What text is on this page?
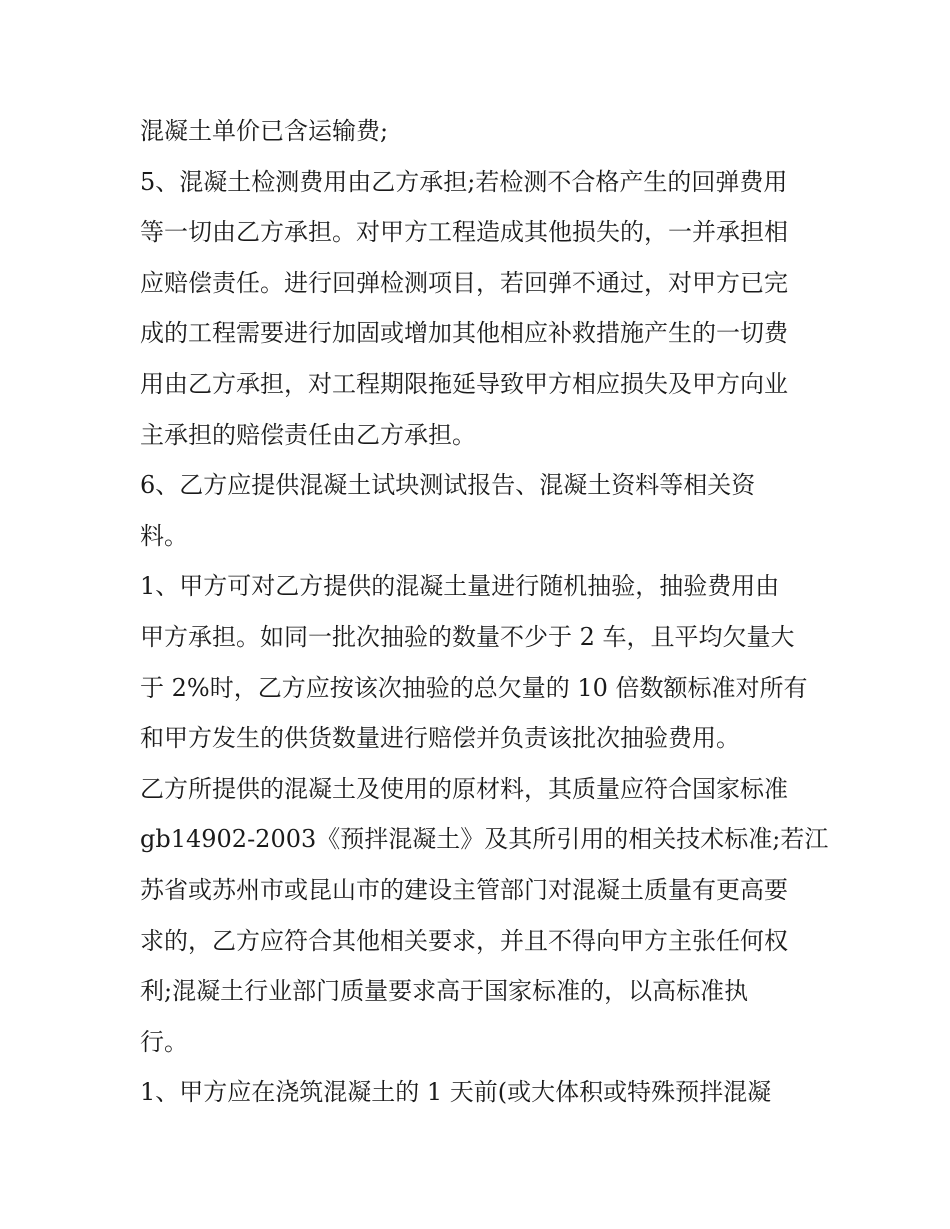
混凝土单价已含运输费;
5、混凝土检测费用由乙方承担;若检测不合格产生的回弹费用
等一切由乙方承担。对甲方工程造成其他损失的，一并承担相
应赔偿责任。进行回弹检测项目，若回弹不通过，对甲方已完
成的工程需要进行加固或增加其他相应补救措施产生的一切费
用由乙方承担，对工程期限拖延导致甲方相应损失及甲方向业
主承担的赔偿责任由乙方承担。
6、乙方应提供混凝土试块测试报告、混凝土资料等相关资
料。
1、甲方可对乙方提供的混凝土量进行随机抽验，抽验费用由
甲方承担。如同一批次抽验的数量不少于 2 车，且平均欠量大
于 2%时，乙方应按该次抽验的总欠量的 10 倍数额标准对所有
和甲方发生的供货数量进行赔偿并负责该批次抽验费用。
乙方所提供的混凝土及使用的原材料，其质量应符合国家标准
gb14902-2003《预拌混凝土》及其所引用的相关技术标准;若江
苏省或苏州市或昆山市的建设主管部门对混凝土质量有更高要
求的，乙方应符合其他相关要求，并且不得向甲方主张任何权
利;混凝土行业部门质量要求高于国家标准的，以高标准执
行。
1、甲方应在浇筑混凝土的 1 天前(或大体积或特殊预拌混凝
